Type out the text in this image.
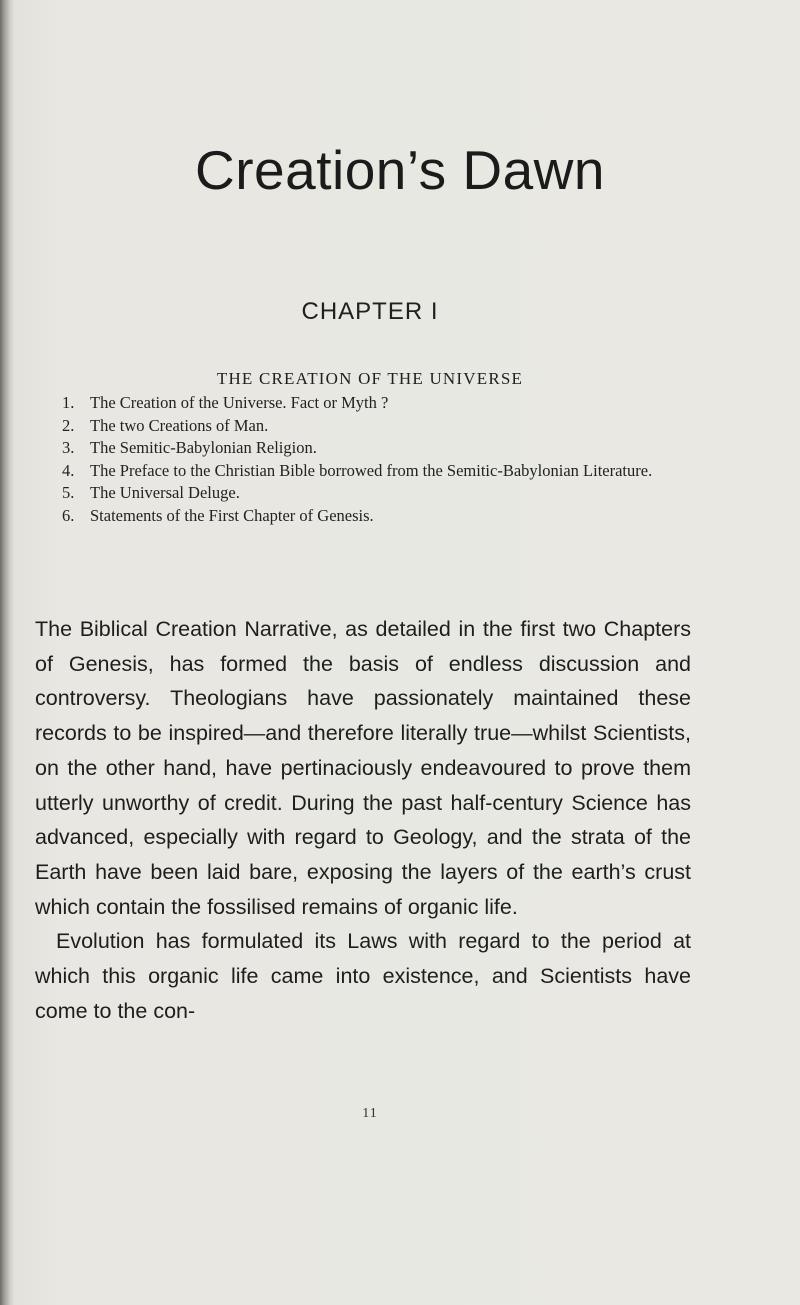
Creation’s Dawn
CHAPTER I
THE CREATION OF THE UNIVERSE
1. The Creation of the Universe. Fact or Myth ?
2. The two Creations of Man.
3. The Semitic-Babylonian Religion.
4. The Preface to the Christian Bible borrowed from the Semitic-Babylonian Literature.
5. The Universal Deluge.
6. Statements of the First Chapter of Genesis.

The Biblical Creation Narrative, as detailed in the first two Chapters of Genesis, has formed the basis of endless discussion and controversy. Theologians have passionately maintained these records to be inspired—and therefore literally true—whilst Scientists, on the other hand, have pertinaciously endeavoured to prove them utterly unworthy of credit. During the past half-century Science has advanced, especially with regard to Geology, and the strata of the Earth have been laid bare, exposing the layers of the earth’s crust which contain the fossilised remains of organic life.

Evolution has formulated its Laws with regard to the period at which this organic life came into existence, and Scientists have come to the con-

11
